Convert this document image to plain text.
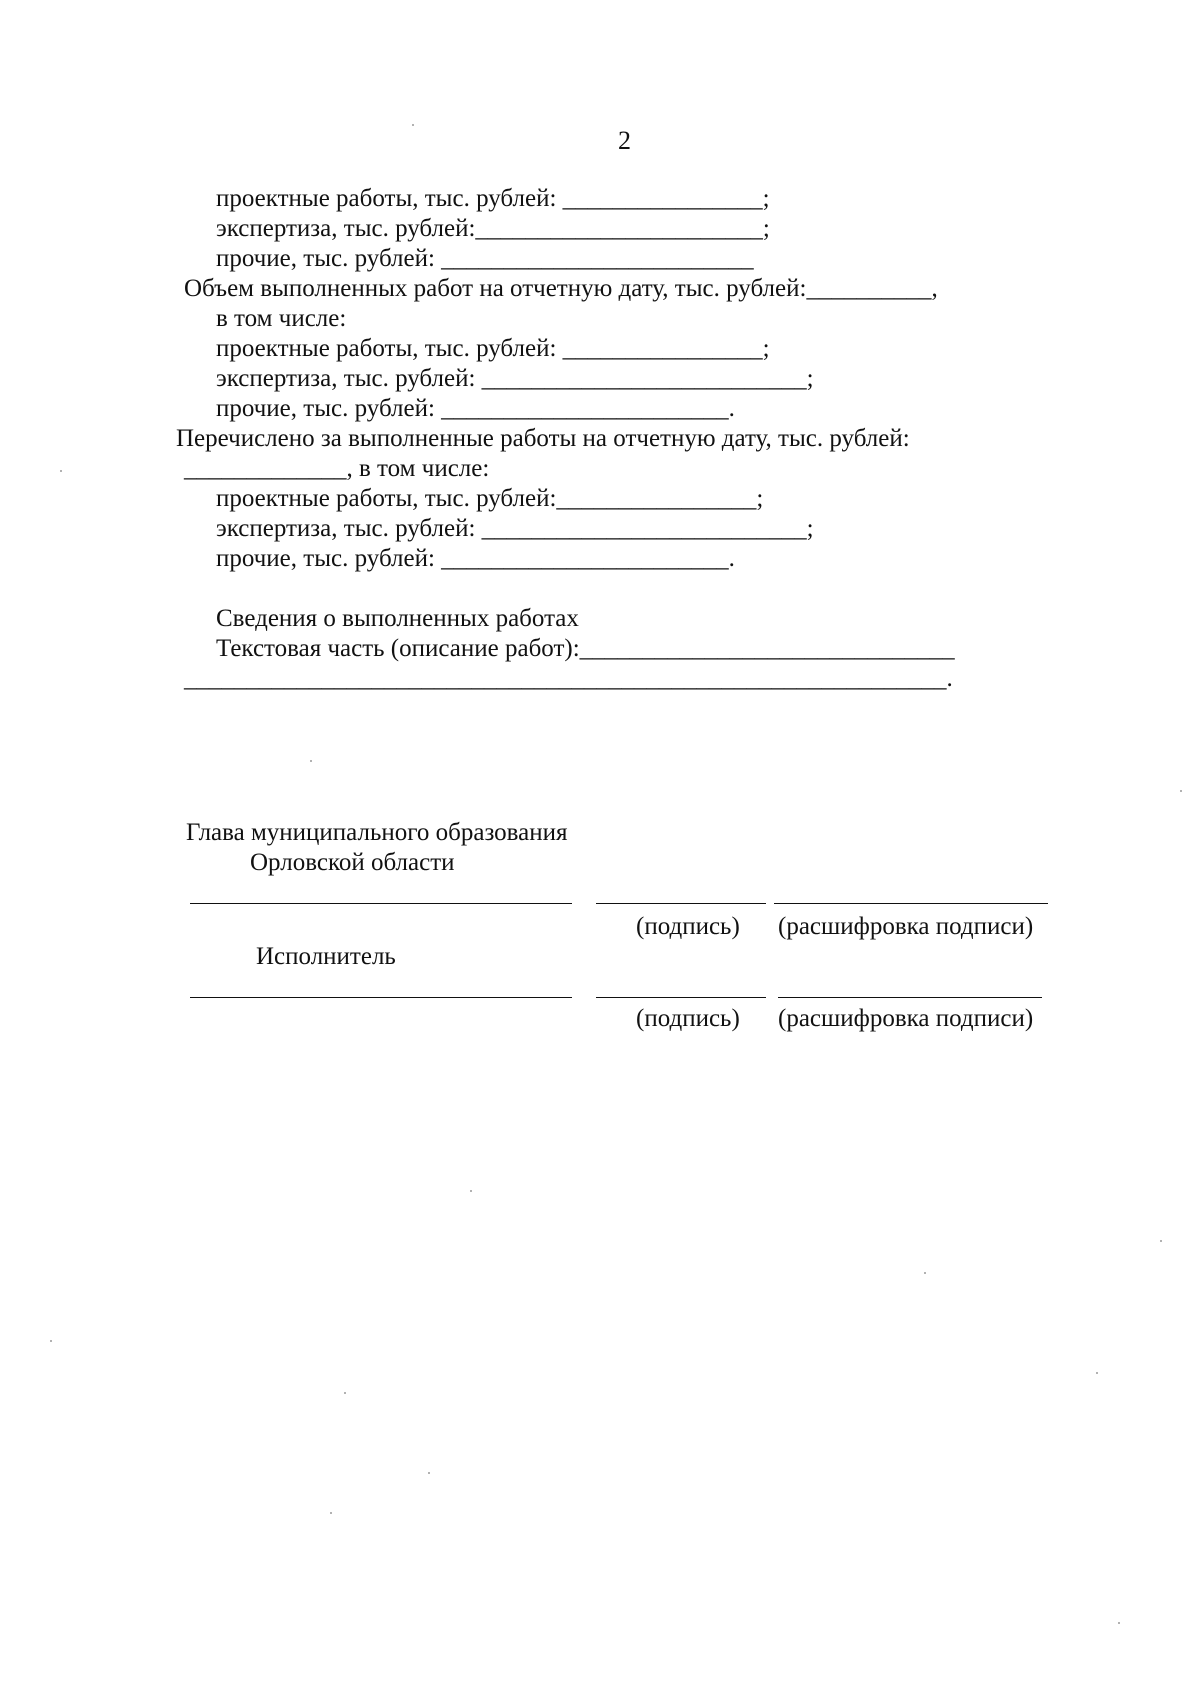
2
проектные работы, тыс. рублей: ________________;
экспертиза, тыс. рублей:_______________________;
прочие, тыс. рублей: _________________________
Объем выполненных работ на отчетную дату, тыс. рублей:__________,
в том числе:
проектные работы, тыс. рублей: ________________;
экспертиза, тыс. рублей: __________________________;
прочие, тыс. рублей: _______________________.
Перечислено за выполненные работы на отчетную дату, тыс. рублей:
_____________, в том числе:
проектные работы, тыс. рублей:________________;
экспертиза, тыс. рублей: __________________________;
прочие, тыс. рублей: _______________________.
Сведения о выполненных работах
Текстовая часть (описание работ):______________________________
_____________________________________________________________.
Глава муниципального образования
Орловской области
(подпись) (расшифровка подписи)
Исполнитель
(подпись) (расшифровка подписи)
